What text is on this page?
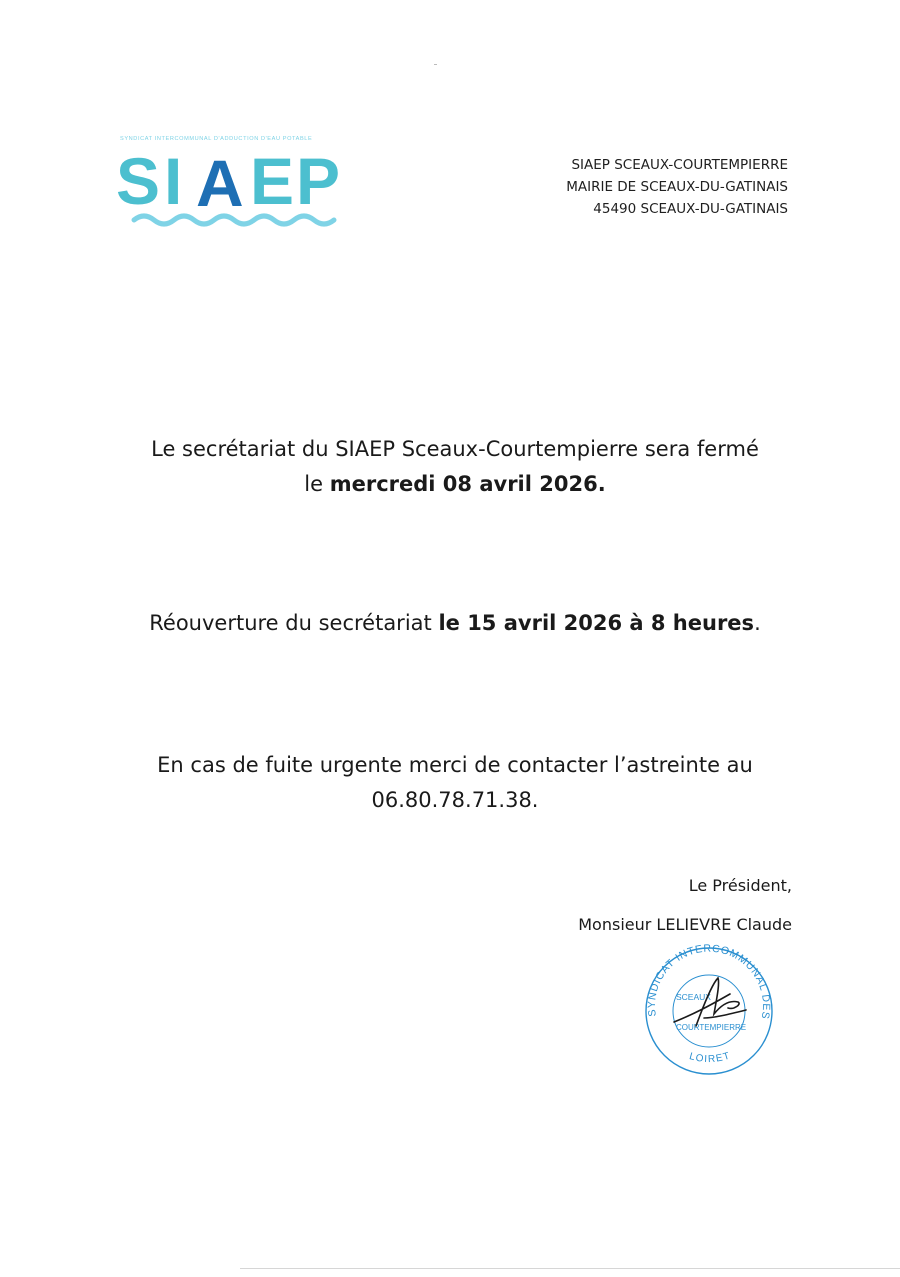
SYNDICAT INTERCOMMUNAL D'ADDUCTION D'EAU POTABLE
S I A E P	SIAEP SCEAUX-COURTEMPIERRE
MAIRIE DE SCEAUX-DU-GATINAIS
45490 SCEAUX-DU-GATINAIS
Le secrétariat du SIAEP Sceaux-Courtempierre sera fermé
le mercredi 08 avril 2026.
Réouverture du secrétariat le 15 avril 2026 à 8 heures.
En cas de fuite urgente merci de contacter l’astreinte au
06.80.78.71.38.
Le Président,
Monsieur LELIEVRE Claude
SYNDICAT INTERCOMMUNAL DES
LOIRET
SCEAUX
COURTEMPIERRE
